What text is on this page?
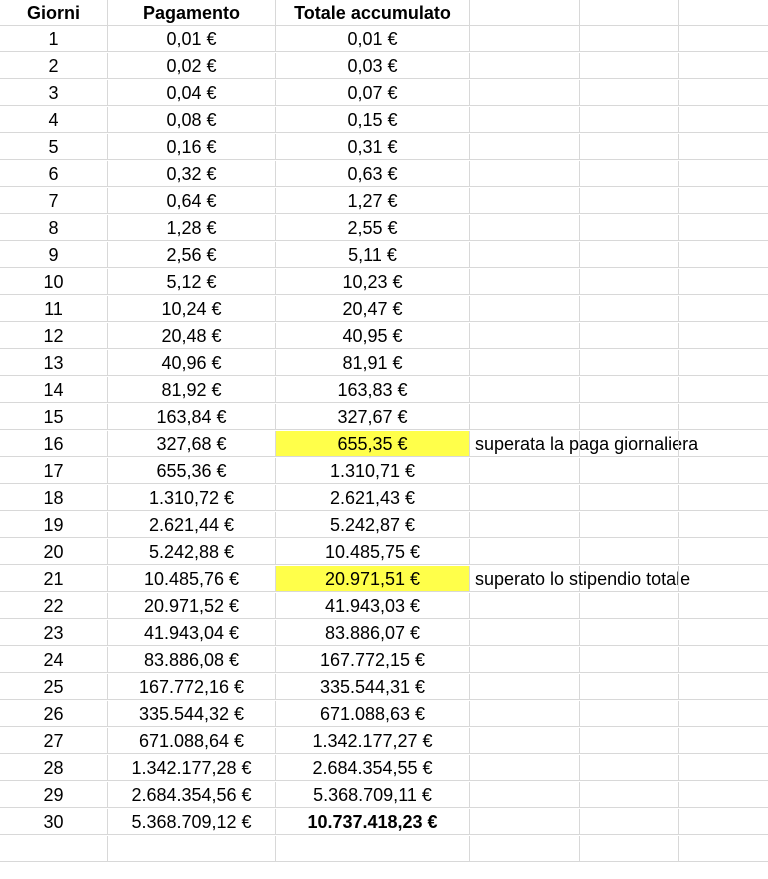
Giorni	Pagamento	Totale accumulato
1	0,01 €	0,01 €
2	0,02 €	0,03 €
3	0,04 €	0,07 €
4	0,08 €	0,15 €
5	0,16 €	0,31 €
6	0,32 €	0,63 €
7	0,64 €	1,27 €
8	1,28 €	2,55 €
9	2,56 €	5,11 €
10	5,12 €	10,23 €
11	10,24 €	20,47 €
12	20,48 €	40,95 €
13	40,96 €	81,91 €
14	81,92 €	163,83 €
15	163,84 €	327,67 €
16	327,68 €	655,35 €	superata la paga giornaliera
17	655,36 €	1.310,71 €
18	1.310,72 €	2.621,43 €
19	2.621,44 €	5.242,87 €
20	5.242,88 €	10.485,75 €
21	10.485,76 €	20.971,51 €	superato lo stipendio totale
22	20.971,52 €	41.943,03 €
23	41.943,04 €	83.886,07 €
24	83.886,08 €	167.772,15 €
25	167.772,16 €	335.544,31 €
26	335.544,32 €	671.088,63 €
27	671.088,64 €	1.342.177,27 €
28	1.342.177,28 €	2.684.354,55 €
29	2.684.354,56 €	5.368.709,11 €
30	5.368.709,12 €	10.737.418,23 €
